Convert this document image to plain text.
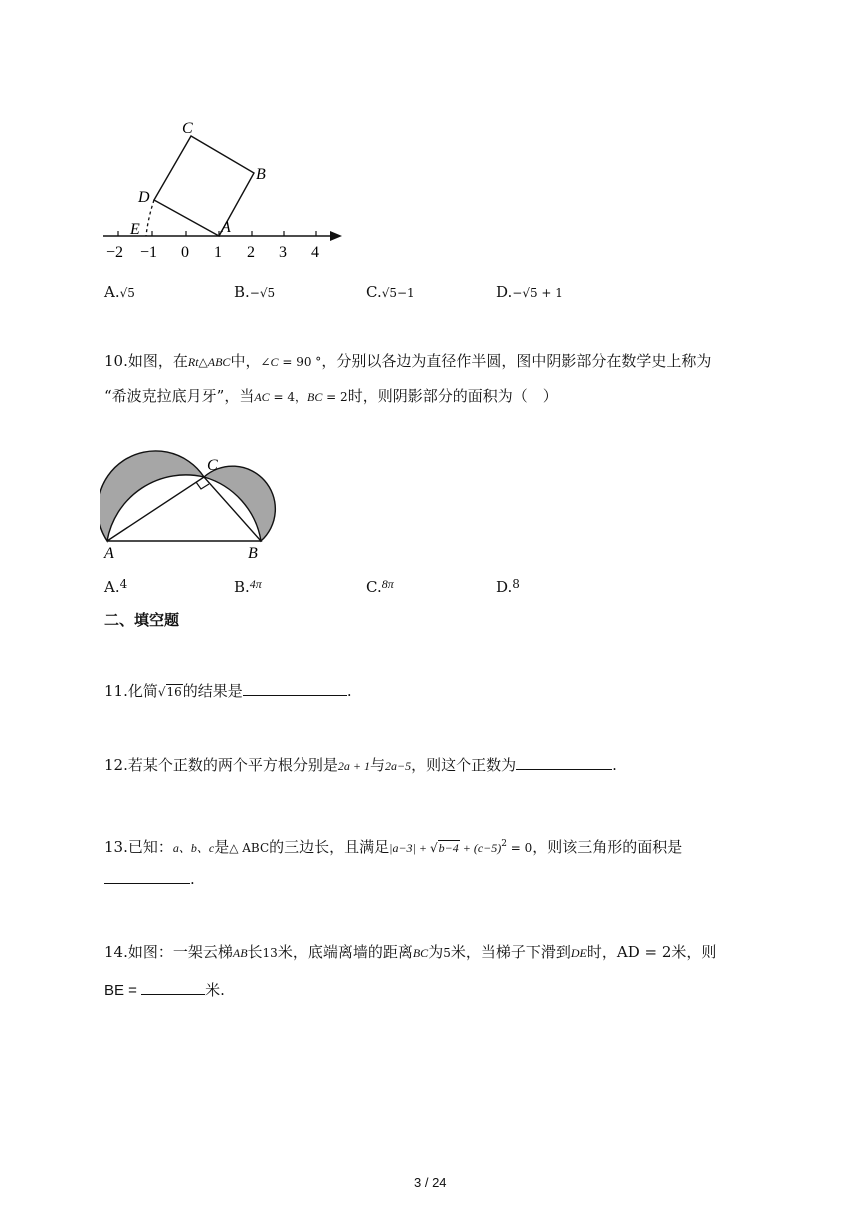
C
B
D
E	A
−2 −1 0 1 2 3 4
A.√5	B.−√5	C.√5−1	D.−√5 + 1
10.如图，在Rt△ABC中，∠C = 90 °，分别以各边为直径作半圆，图中阴影部分在数学史上称为
“希波克拉底月牙”，当AC = 4，BC = 2时，则阴影部分的面积为（　）
A	B
C
A.$^4$	B.$^{4\pi}$	C.$^{8\pi}$	D.$^8$
二、填空题
11.化简√16的结果是	.
12.若某个正数的两个平方根分别是2a + 1与2a−5，则这个正数为	.
13.已知：a、b、c是△ ABC的三边长，且满足$|a-3| + √b-4 + (c-5)^2 = 0$，则该三角形的面积是
.
14.如图：一架云梯AB长13米，底端离墙的距离BC为5米，当梯子下滑到DE时，AD = 2米，则
BE =	米.
3 / 24
